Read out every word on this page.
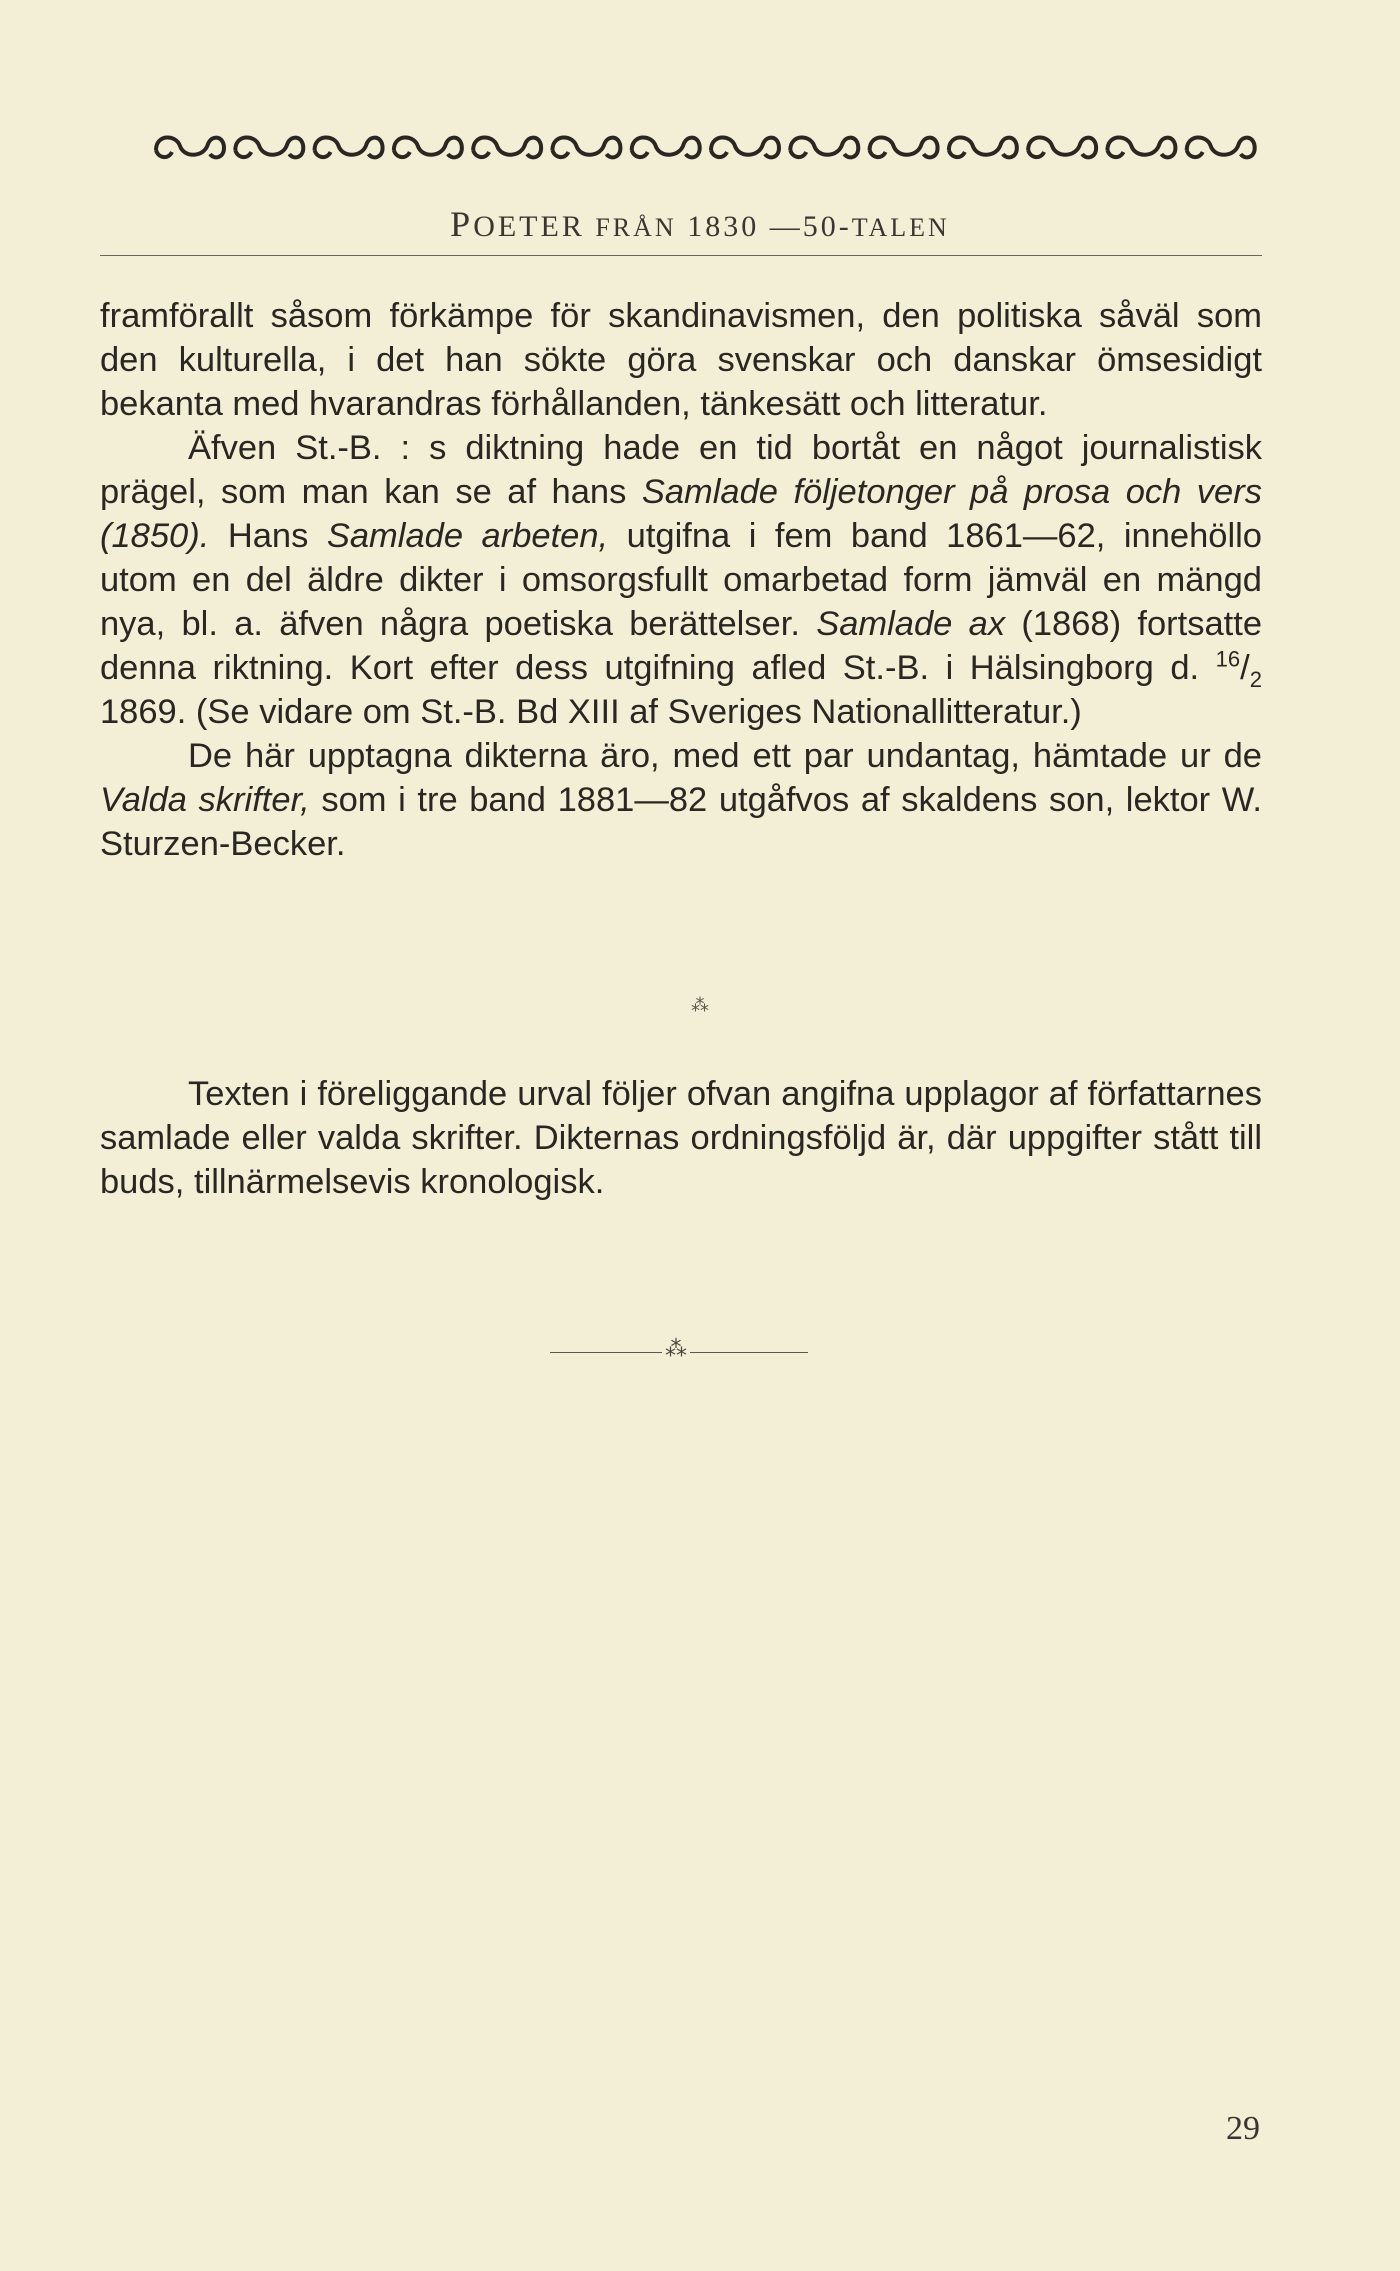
POETER FRÅN 1830 —50-TALEN

framförallt såsom förkämpe för skandinavismen, den politiska såväl som den kulturella, i det han sökte göra svenskar och danskar ömsesidigt bekanta med hvarandras förhållanden, tänkesätt och litteratur.

Äfven St.-B. : s diktning hade en tid bortåt en något journalistisk prägel, som man kan se af hans Samlade följetonger på prosa och vers (1850). Hans Samlade arbeten, utgifna i fem band 1861—62, innehöllo utom en del äldre dikter i omsorgsfullt omarbetad form jämväl en mängd nya, bl. a. äfven några poetiska berättelser. Samlade ax (1868) fortsatte denna riktning. Kort efter dess utgifning afled St.-B. i Hälsingborg d. $^{16}/_2$ 1869. (Se vidare om St.-B. Bd XIII af Sveriges Nationallitteratur.)

De här upptagna dikterna äro, med ett par undantag, hämtade ur de Valda skrifter, som i tre band 1881—82 utgåfvos af skaldens son, lektor W. Sturzen-Becker.

⁂

Texten i föreliggande urval följer ofvan angifna upplagor af författarnes samlade eller valda skrifter. Dikternas ordningsföljd är, där uppgifter stått till buds, tillnärmelsevis kronologisk.

⁂
29
